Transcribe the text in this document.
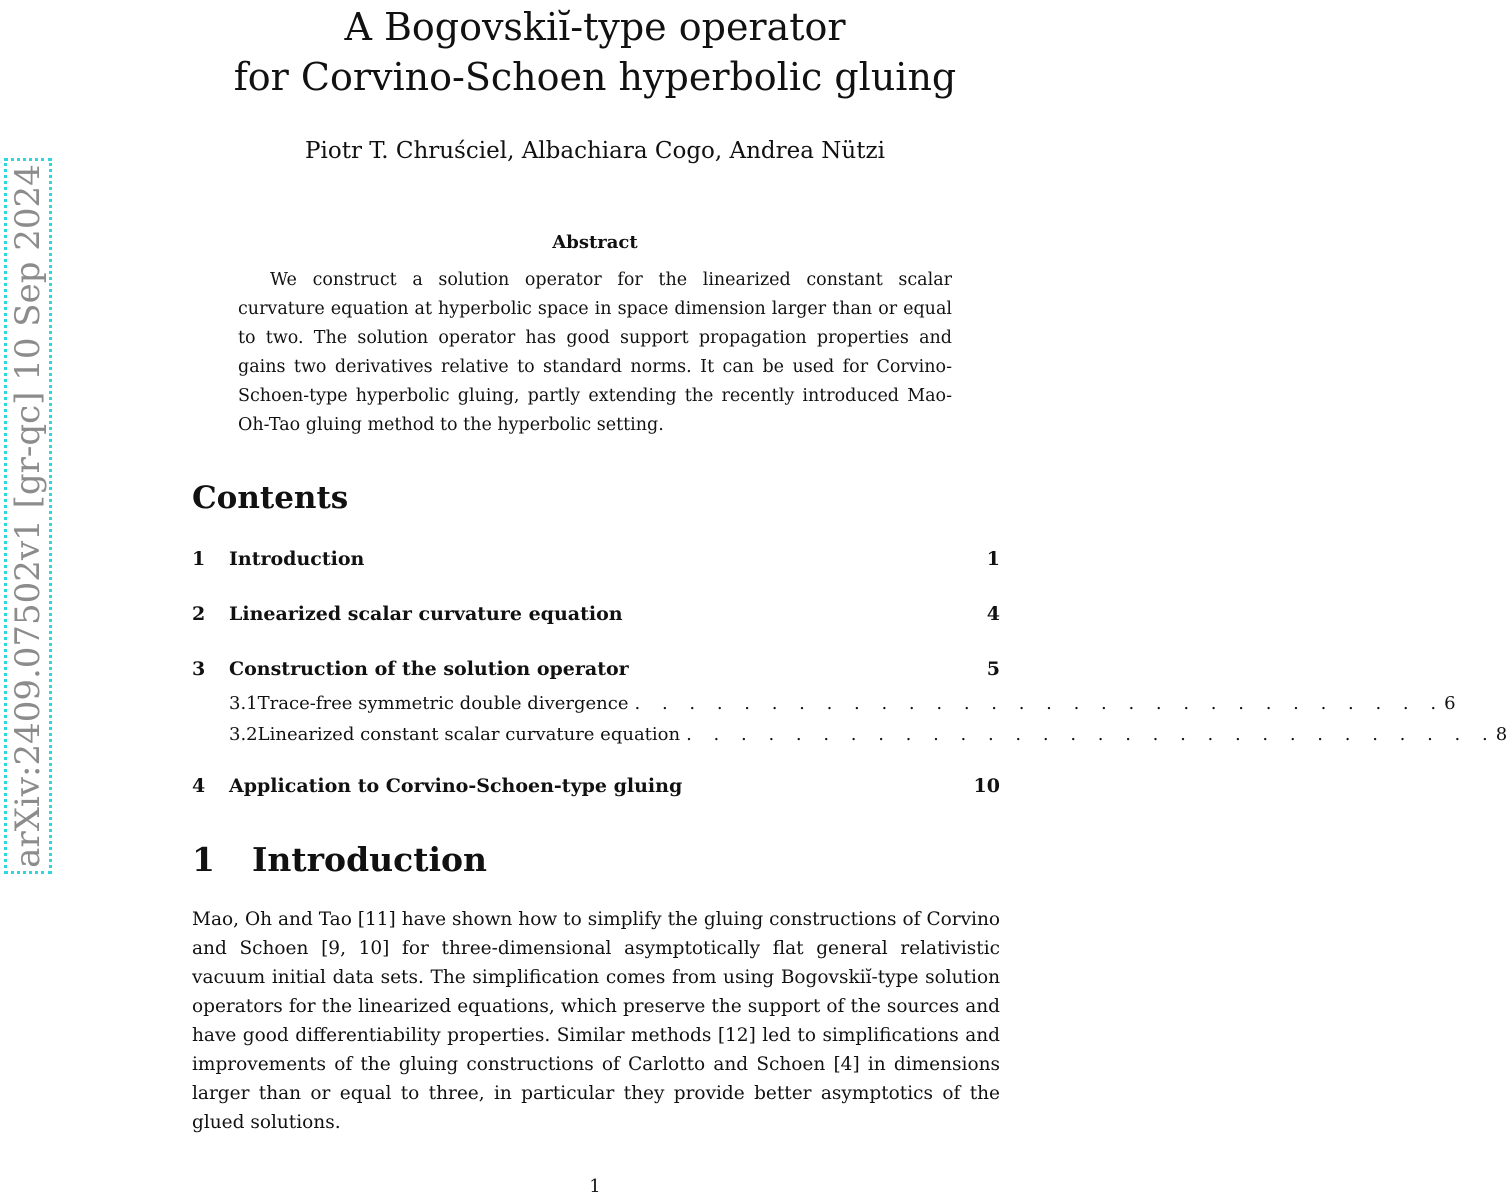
arXiv:2409.07502v1 [gr-qc] 10 Sep 2024
A Bogovskiĭ-type operator
for Corvino-Schoen hyperbolic gluing
Piotr T. Chruściel, Albachiara Cogo, Andrea Nützi
Abstract
We construct a solution operator for the linearized constant scalar curvature equation at hyperbolic space in space dimension larger than or equal to two. The solution operator has good support propagation properties and gains two derivatives relative to standard norms. It can be used for Corvino-Schoen-type hyperbolic gluing, partly extending the recently introduced Mao-Oh-Tao gluing method to the hyperbolic setting.
Contents
1	Introduction	1
2	Linearized scalar curvature equation	4
3	Construction of the solution operator	5
3.1 Trace-free symmetric double divergence . . . . . . . . . . . . . . . . . . . . . . . . . . . . . . 6
3.2 Linearized constant scalar curvature equation . . . . . . . . . . . . . . . . . . . . . . . . . . . . . . 8
4	Application to Corvino-Schoen-type gluing	10
1	Introduction
Mao, Oh and Tao [11] have shown how to simplify the gluing constructions of Corvino and Schoen [9, 10] for three-dimensional asymptotically flat general relativistic vacuum initial data sets. The simplification comes from using Bogovskiĭ-type solution operators for the linearized equations, which preserve the support of the sources and have good differentiability properties. Similar methods [12] led to simplifications and improvements of the gluing constructions of Carlotto and Schoen [4] in dimensions larger than or equal to three, in particular they provide better asymptotics of the glued solutions.
1
